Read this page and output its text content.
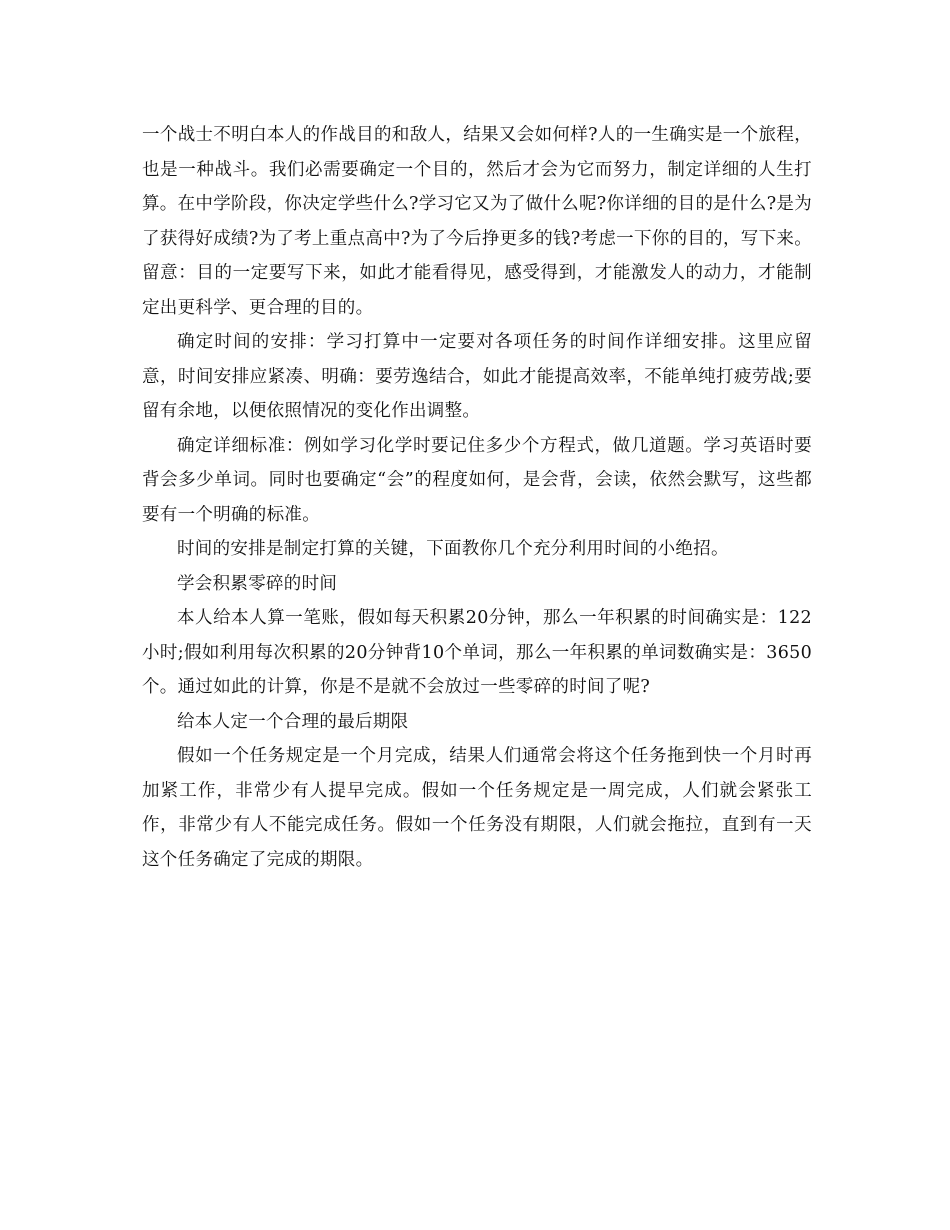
一个战士不明白本人的作战目的和敌人，结果又会如何样?人的一生确实是一个旅程，也是一种战斗。我们必需要确定一个目的，然后才会为它而努力，制定详细的人生打算。在中学阶段，你决定学些什么?学习它又为了做什么呢?你详细的目的是什么?是为了获得好成绩?为了考上重点高中?为了今后挣更多的钱?考虑一下你的目的，写下来。留意：目的一定要写下来，如此才能看得见，感受得到，才能激发人的动力，才能制定出更科学、更合理的目的。

确定时间的安排：学习打算中一定要对各项任务的时间作详细安排。这里应留意，时间安排应紧凑、明确：要劳逸结合，如此才能提高效率，不能单纯打疲劳战;要留有余地，以便依照情况的变化作出调整。

确定详细标准：例如学习化学时要记住多少个方程式，做几道题。学习英语时要背会多少单词。同时也要确定“会”的程度如何，是会背，会读，依然会默写，这些都要有一个明确的标准。

时间的安排是制定打算的关键，下面教你几个充分利用时间的小绝招。

学会积累零碎的时间

本人给本人算一笔账，假如每天积累20分钟，那么一年积累的时间确实是：122小时;假如利用每次积累的20分钟背10个单词，那么一年积累的单词数确实是：3650个。通过如此的计算，你是不是就不会放过一些零碎的时间了呢?

给本人定一个合理的最后期限

假如一个任务规定是一个月完成，结果人们通常会将这个任务拖到快一个月时再加紧工作，非常少有人提早完成。假如一个任务规定是一周完成，人们就会紧张工作，非常少有人不能完成任务。假如一个任务没有期限，人们就会拖拉，直到有一天这个任务确定了完成的期限。
